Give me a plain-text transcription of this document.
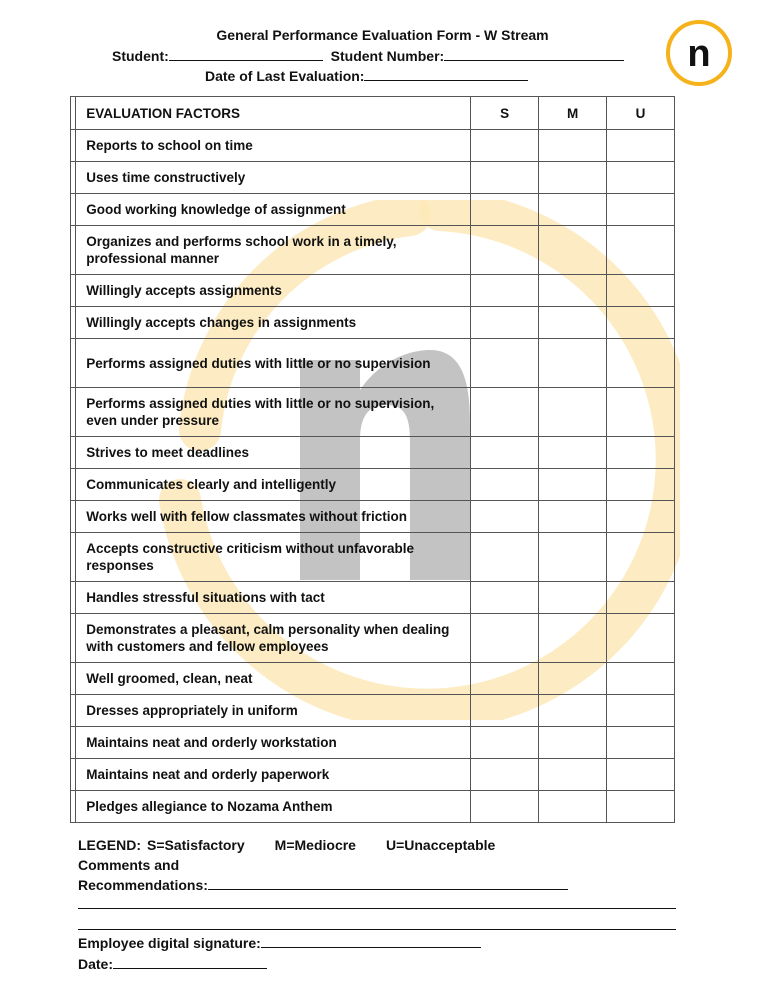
n
General Performance Evaluation Form - W Stream
Student:	Student Number:
Date of Last Evaluation:
	EVALUATION FACTORS	S	M	U
	Reports to school on time			
	Uses time constructively			
	Good working knowledge of assignment			
	Organizes and performs school work in a timely, professional manner			
	Willingly accepts assignments			
	Willingly accepts changes in assignments			
	Performs assigned duties with little or no supervision			
	Performs assigned duties with little or no supervision, even under pressure			
	Strives to meet deadlines			
	Communicates clearly and intelligently			
	Works well with fellow classmates without friction			
	Accepts constructive criticism without unfavorable responses			
	Handles stressful situations with tact			
	Demonstrates a pleasant, calm personality when dealing with customers and fellow employees			
	Well groomed, clean, neat			
	Dresses appropriately in uniform			
	Maintains neat and orderly workstation			
	Maintains neat and orderly paperwork			
	Pledges allegiance to Nozama Anthem			
LEGEND: S=Satisfactory M=Mediocre U=Unacceptable
Comments and
Recommendations:
Employee digital signature:
Date:
